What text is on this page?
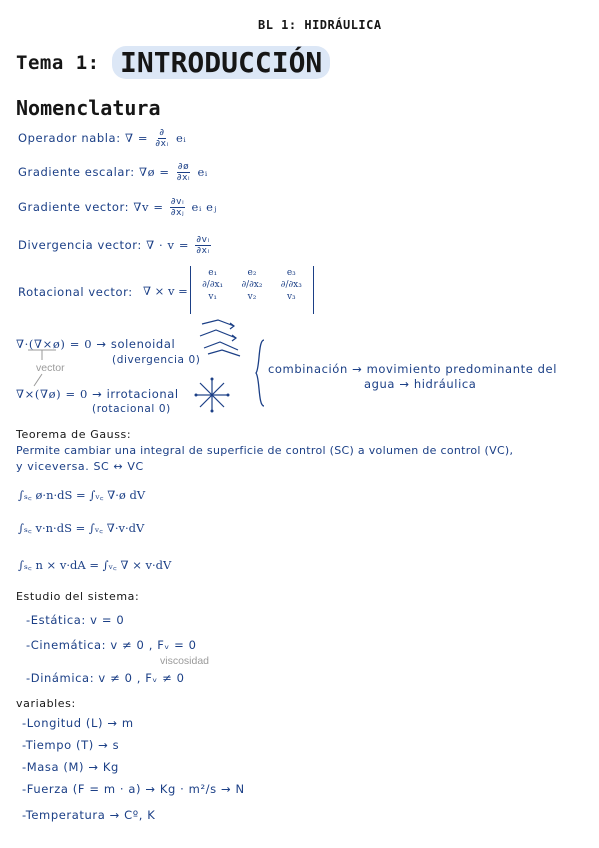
BL 1: HIDRÁULICA
Tema 1: INTRODUCCIÓN
Nomenclatura
Operador nabla: ∇ = $\frac{\partial}{\text{∂xᵢ}}$ eᵢ
Gradiente escalar: ∇ø = $\frac{\partial ø}{\text{∂xᵢ}}$ eᵢ
Gradiente vector: $\nabla v = \frac{\text{∂vᵢ}}{\text{∂xⱼ}}$ eᵢ eⱼ
Divergencia vector: ∇ · $v = \frac{\text{∂vᵢ}}{\text{∂xᵢ}}$
Rotacional vector: ∇ × v =
e₁	e₂	e₃
∂/∂x₁	∂/∂x₂	∂/∂x₃
v₁	v₂	v₃
∇·(∇×ø) = 0 → solenoidal
(divergencia 0)
vector
∇×(∇ø) = 0 → irrotacional
(rotacional 0)
combinación → movimiento predominante del
agua → hidráulica
Teorema de Gauss:
Permite cambiar una integral de superficie de control (SC) a volumen de control (VC),
y viceversa. SC ↔ VC
∫ₛ꜀ ø·n·dS = ∫ᵥ꜀ ∇·ø dV
∫ₛ꜀ v·n·dS = ∫ᵥ꜀ ∇·v·dV
∫ₛ꜀ n × v·dA = ∫ᵥ꜀ ∇ × v·dV
Estudio del sistema:
-Estática: v = 0
-Cinemática: v ≠ 0 , Fᵥ = 0
viscosidad
-Dinámica: v ≠ 0 , Fᵥ ≠ 0
variables:
-Longitud (L) → m
-Tiempo (T) → s
-Masa (M) → Kg
-Fuerza (F = m · a) → Kg · m²/s → N
-Temperatura → Cº, K
